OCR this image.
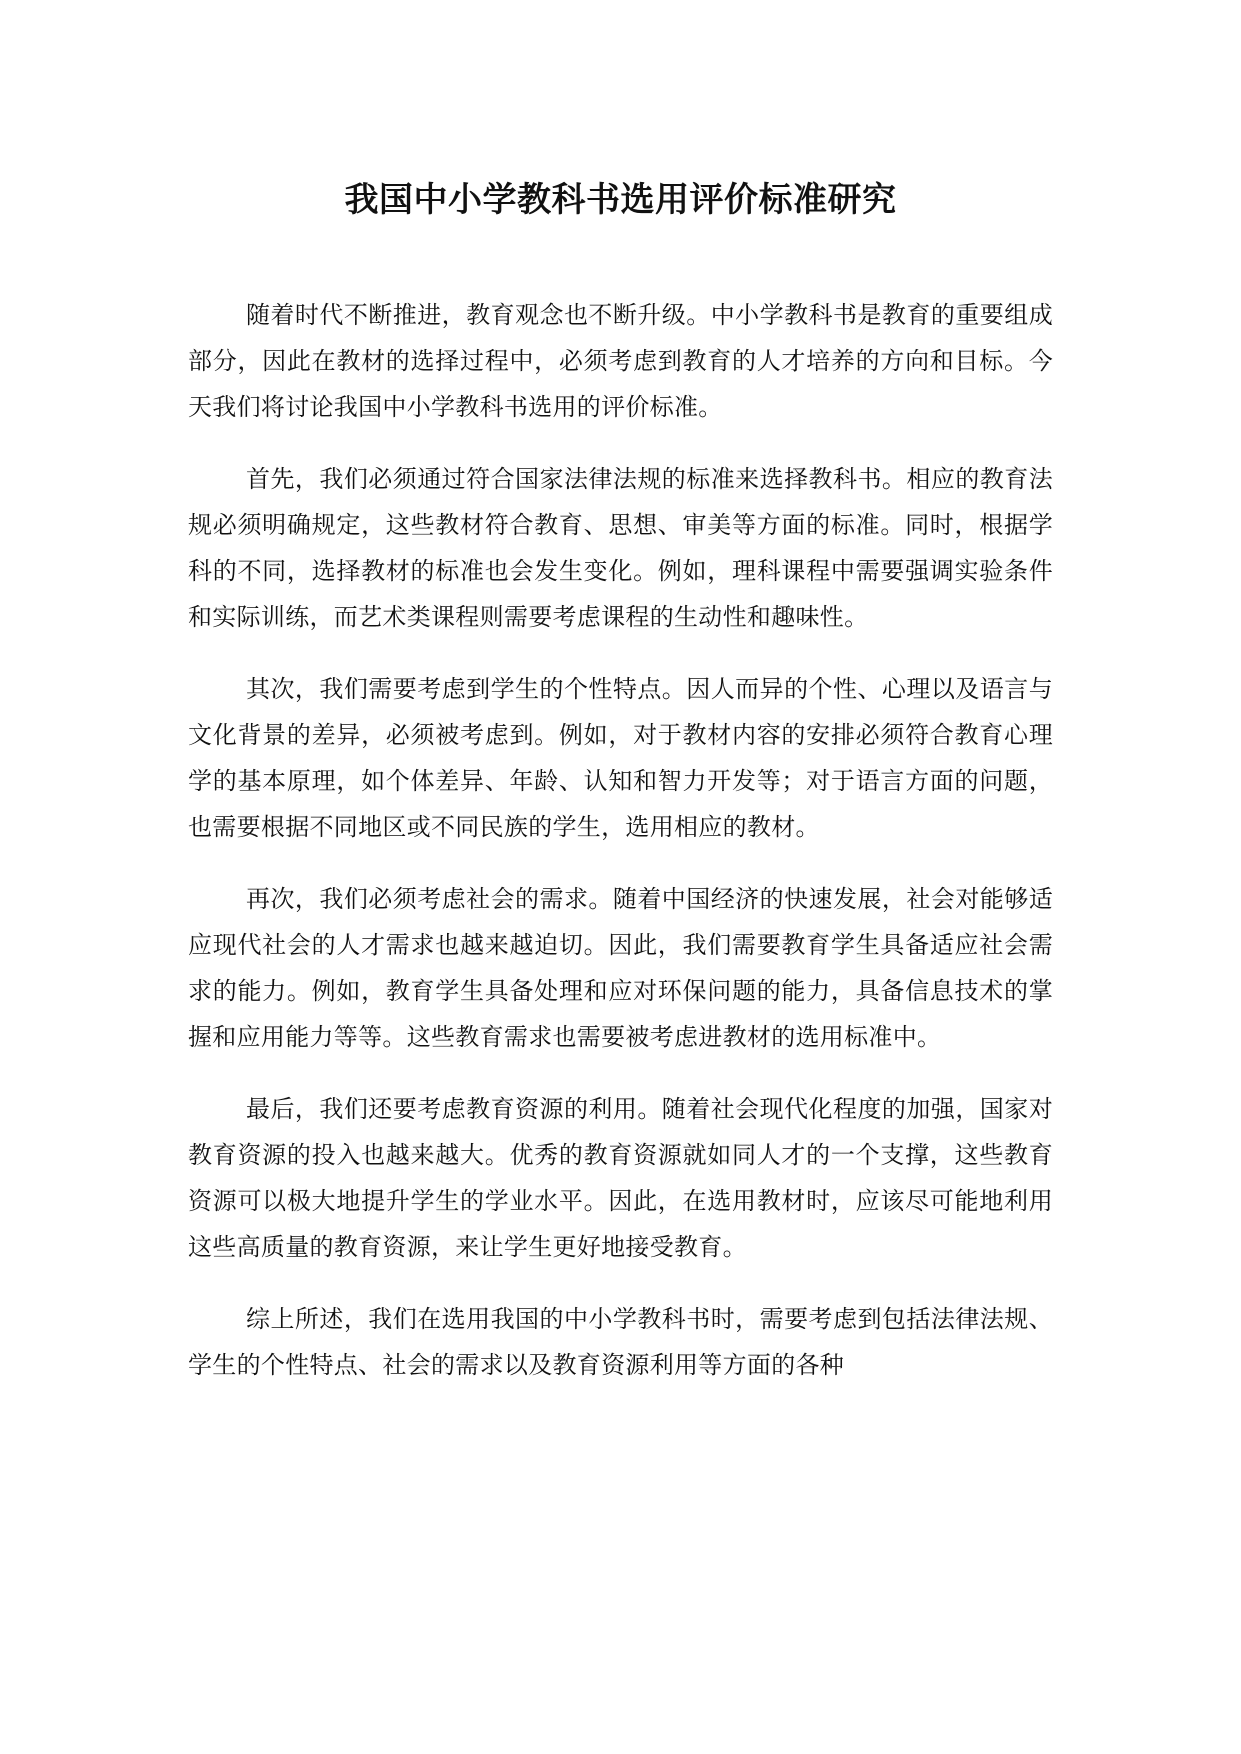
我国中小学教科书选用评价标准研究

随着时代不断推进，教育观念也不断升级。中小学教科书是教育的重要组成部分，因此在教材的选择过程中，必须考虑到教育的人才培养的方向和目标。今天我们将讨论我国中小学教科书选用的评价标准。

首先，我们必须通过符合国家法律法规的标准来选择教科书。相应的教育法规必须明确规定，这些教材符合教育、思想、审美等方面的标准。同时，根据学科的不同，选择教材的标准也会发生变化。例如，理科课程中需要强调实验条件和实际训练，而艺术类课程则需要考虑课程的生动性和趣味性。

其次，我们需要考虑到学生的个性特点。因人而异的个性、心理以及语言与文化背景的差异，必须被考虑到。例如，对于教材内容的安排必须符合教育心理学的基本原理，如个体差异、年龄、认知和智力开发等；对于语言方面的问题，也需要根据不同地区或不同民族的学生，选用相应的教材。

再次，我们必须考虑社会的需求。随着中国经济的快速发展，社会对能够适应现代社会的人才需求也越来越迫切。因此，我们需要教育学生具备适应社会需求的能力。例如，教育学生具备处理和应对环保问题的能力，具备信息技术的掌握和应用能力等等。这些教育需求也需要被考虑进教材的选用标准中。

最后，我们还要考虑教育资源的利用。随着社会现代化程度的加强，国家对教育资源的投入也越来越大。优秀的教育资源就如同人才的一个支撑，这些教育资源可以极大地提升学生的学业水平。因此，在选用教材时，应该尽可能地利用这些高质量的教育资源，来让学生更好地接受教育。

综上所述，我们在选用我国的中小学教科书时，需要考虑到包括法律法规、学生的个性特点、社会的需求以及教育资源利用等方面的各种
